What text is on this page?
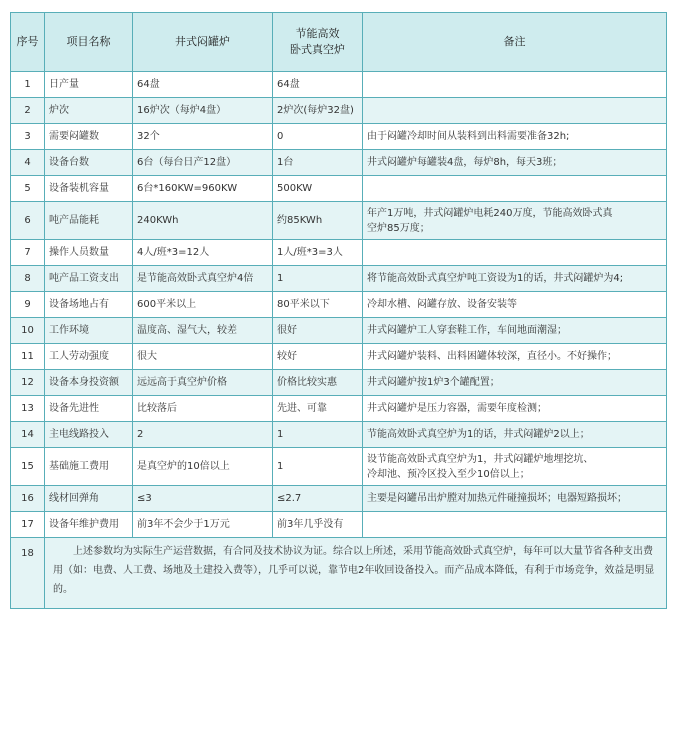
序号	项目名称	井式闷罐炉	节能高效
卧式真空炉	备注
1	日产量	64盘	64盘	
2	炉次	16炉次（每炉4盘）	2炉次(每炉32盘)	
3	需要闷罐数	32个	0	由于闷罐冷却时间从装料到出料需要准备32h;
4	设备台数	6台（每台日产12盘）	1台	井式闷罐炉每罐装4盘，每炉8h，每天3班；
5	设备装机容量	6台*160KW=960KW	500KW	
6	吨产品能耗	240KWh	约85KWh	年产1万吨，井式闷罐炉电耗240万度，节能高效卧式真
空炉85万度；

7	操作人员数量	4人/班*3=12人	1人/班*3=3人	
8	吨产品工资支出	是节能高效卧式真空炉4倍	1	将节能高效卧式真空炉吨工资设为1的话，井式闷罐炉为4;
9	设备场地占有	600平米以上	80平米以下	冷却水槽、闷罐存放、设备安装等
10	工作环境	温度高、湿气大，较差	很好	井式闷罐炉工人穿套鞋工作，车间地面潮湿；
11	工人劳动强度	很大	较好	井式闷罐炉装料、出料困罐体较深，直径小。不好操作；
12	设备本身投资额	远远高于真空炉价格	价格比较实惠	井式闷罐炉按1炉3个罐配置；
13	设备先进性	比较落后	先进、可靠	井式闷罐炉是压力容器，需要年度检测；
14	主电线路投入	2	1	节能高效卧式真空炉为1的话，井式闷罐炉2以上；
15	基础施工费用	是真空炉的10倍以上	1	设节能高效卧式真空炉为1，井式闷罐炉地埋挖坑、
冷却池、预冷区投入至少10倍以上；

16	线材回弹角	≤3	≤2.7	主要是闷罐吊出炉膛对加热元件碰撞损坏；电器短路损坏；
17	设备年维护费用	前3年不会少于1万元	前3年几乎没有	
18	上述参数均为实际生产运营数据，有合同及技术协议为证。综合以上所述，采用节能高效卧式真空炉，每年可以大量节省各种支出费用（如：电费、人工费、场地及土建投入费等），几乎可以说，靠节电2年收回设备投入。而产品成本降低，有利于市场竞争，效益是明显的。			
